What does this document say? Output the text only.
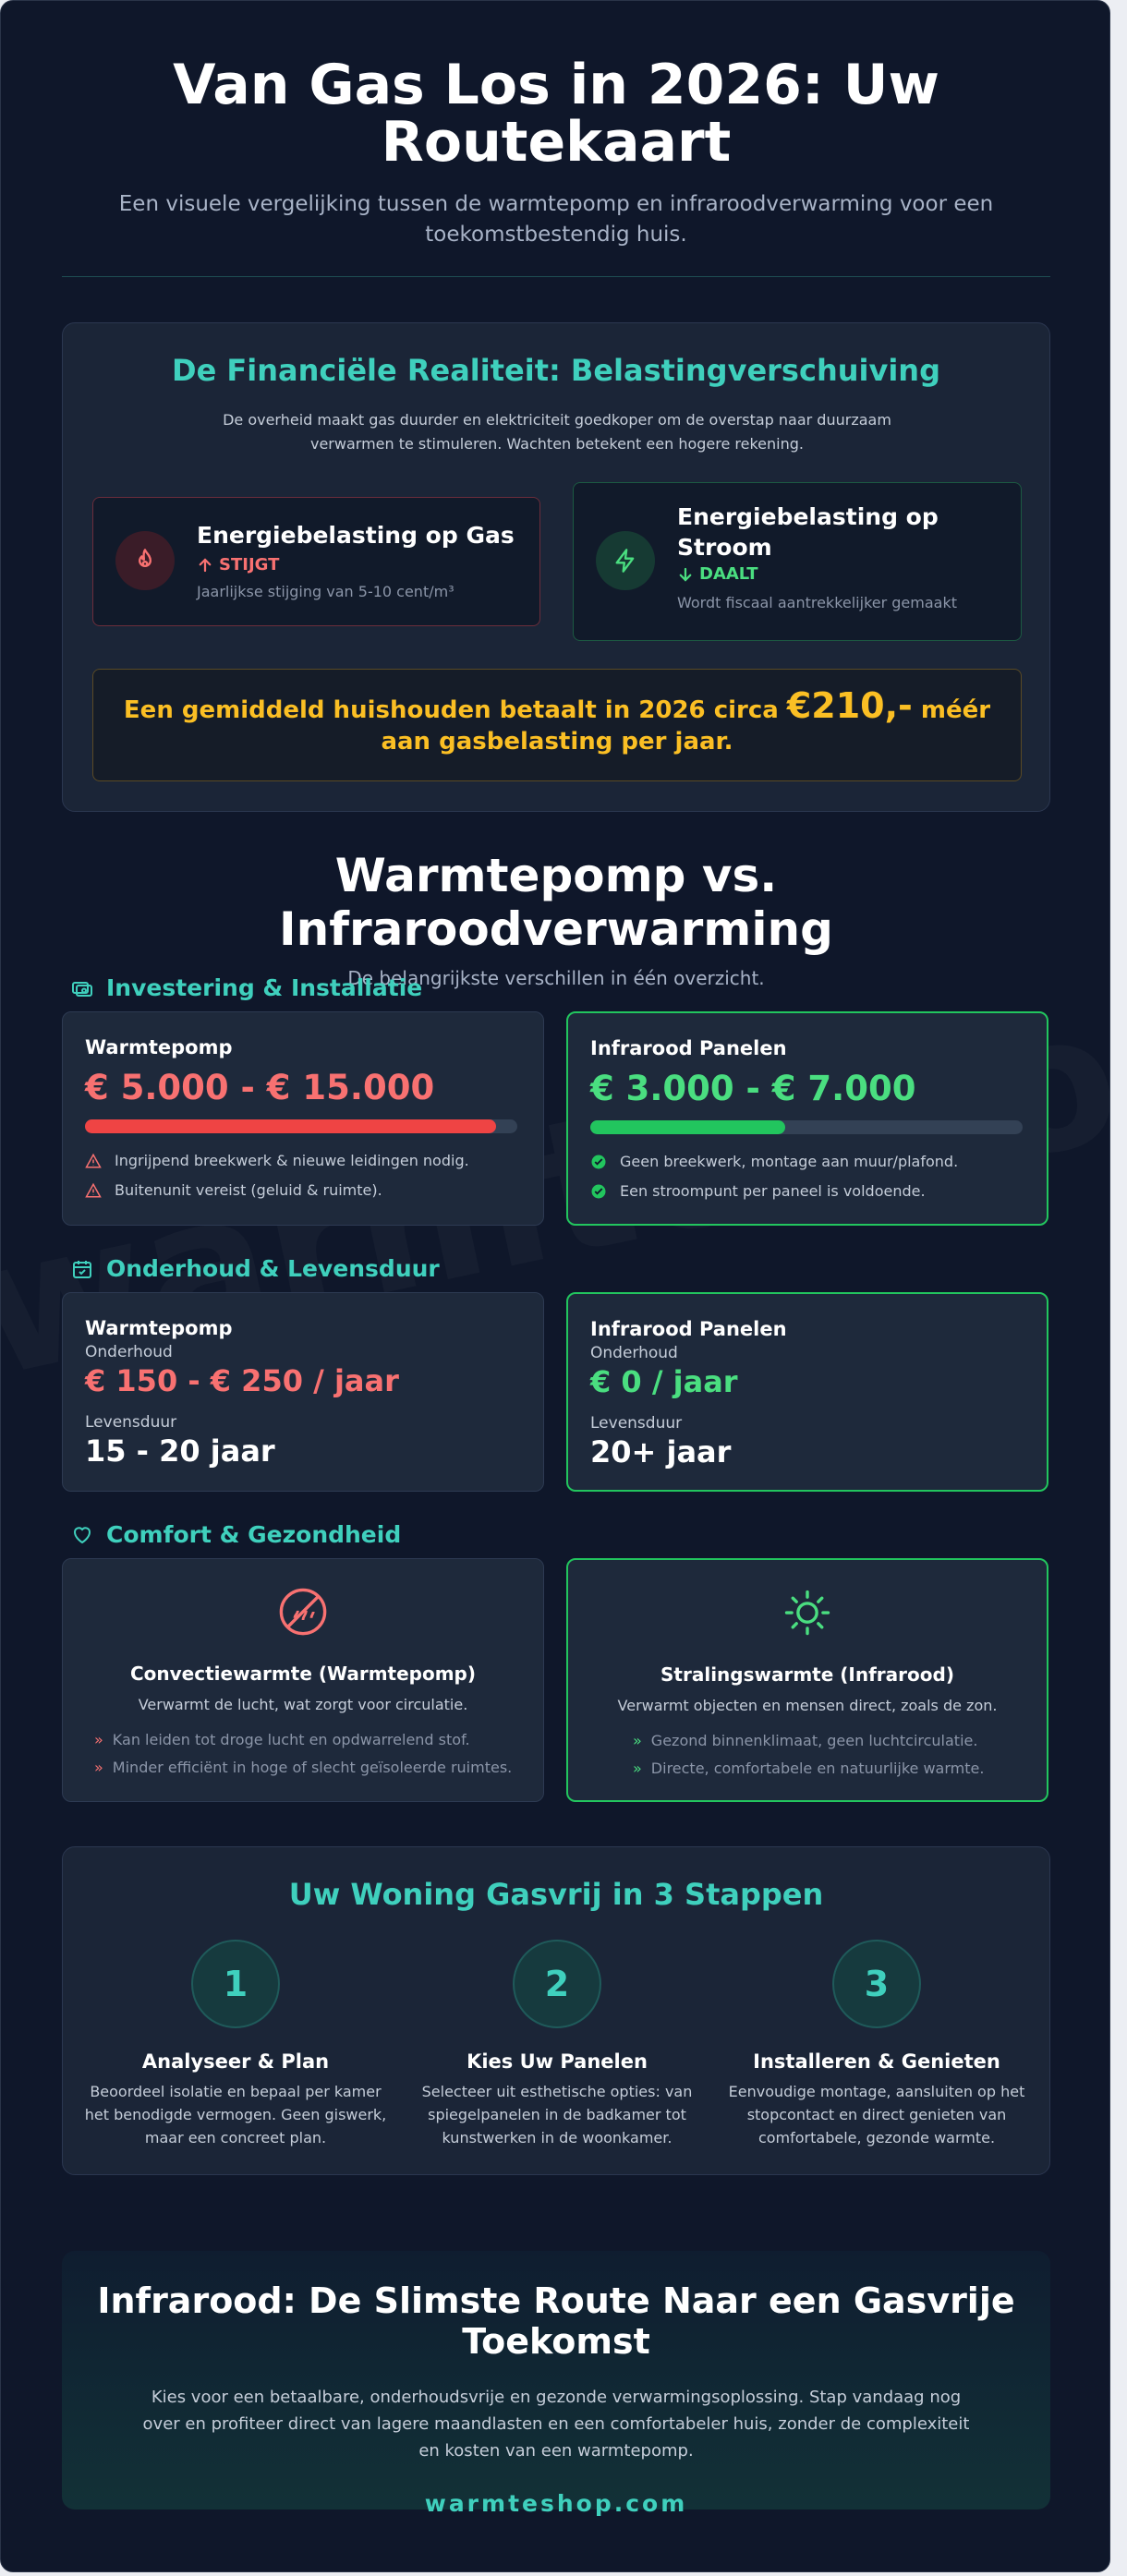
Van Gas Los in 2026: Uw Routekaart

Een visuele vergelijking tussen de warmtepomp en infraroodverwarming voor een toekomstbestendig huis.

De Financiële Realiteit: Belastingverschuiving
De overheid maakt gas duurder en elektriciteit goedkoper om de overstap naar duurzaam verwarmen te stimuleren. Wachten betekent een hogere rekening.
Energiebelasting op Gas
STIJGT
Jaarlijkse stijging van 5-10 cent/m³
Energiebelasting op Stroom
DAALT
Wordt fiscaal aantrekkelijker gemaakt
Een gemiddeld huishouden betaalt in 2026 circa €210,- méér aan gasbelasting per jaar.
Warmtepomp vs. Infraroodverwarming

De belangrijkste verschillen in één overzicht.

Investering & Installatie
Warmtepomp
€ 5.000 - € 15.000
Ingrijpend breekwerk & nieuwe leidingen nodig.
Buitenunit vereist (geluid & ruimte).
Infrarood Panelen
€ 3.000 - € 7.000
Geen breekwerk, montage aan muur/plafond.
Een stroompunt per paneel is voldoende.
Onderhoud & Levensduur
Warmtepomp
Onderhoud
€ 150 - € 250 / jaar
Levensduur
15 - 20 jaar
Infrarood Panelen
Onderhoud
€ 0 / jaar
Levensduur
20+ jaar
Comfort & Gezondheid
Convectiewarmte (Warmtepomp)
Verwarmt de lucht, wat zorgt voor circulatie.
» Kan leiden tot droge lucht en opdwarrelend stof.
» Minder efficiënt in hoge of slecht geïsoleerde ruimtes.
Stralingswarmte (Infrarood)
Verwarmt objecten en mensen direct, zoals de zon.
» Gezond binnenklimaat, geen luchtcirculatie.
» Directe, comfortabele en natuurlijke warmte.
Uw Woning Gasvrij in 3 Stappen
1
Analyseer & Plan
Beoordeel isolatie en bepaal per kamer het benodigde vermogen. Geen giswerk, maar een concreet plan.
2
Kies Uw Panelen
Selecteer uit esthetische opties: van spiegelpanelen in de badkamer tot kunstwerken in de woonkamer.
3
Installeren & Genieten
Eenvoudige montage, aansluiten op het stopcontact en direct genieten van comfortabele, gezonde warmte.
Infrarood: De Slimste Route Naar een Gasvrije Toekomst

Kies voor een betaalbare, onderhoudsvrije en gezonde verwarmingsoplossing. Stap vandaag nog over en profiteer direct van lagere maandlasten en een comfortabeler huis, zonder de complexiteit en kosten van een warmtepomp.

warmteshop.com
